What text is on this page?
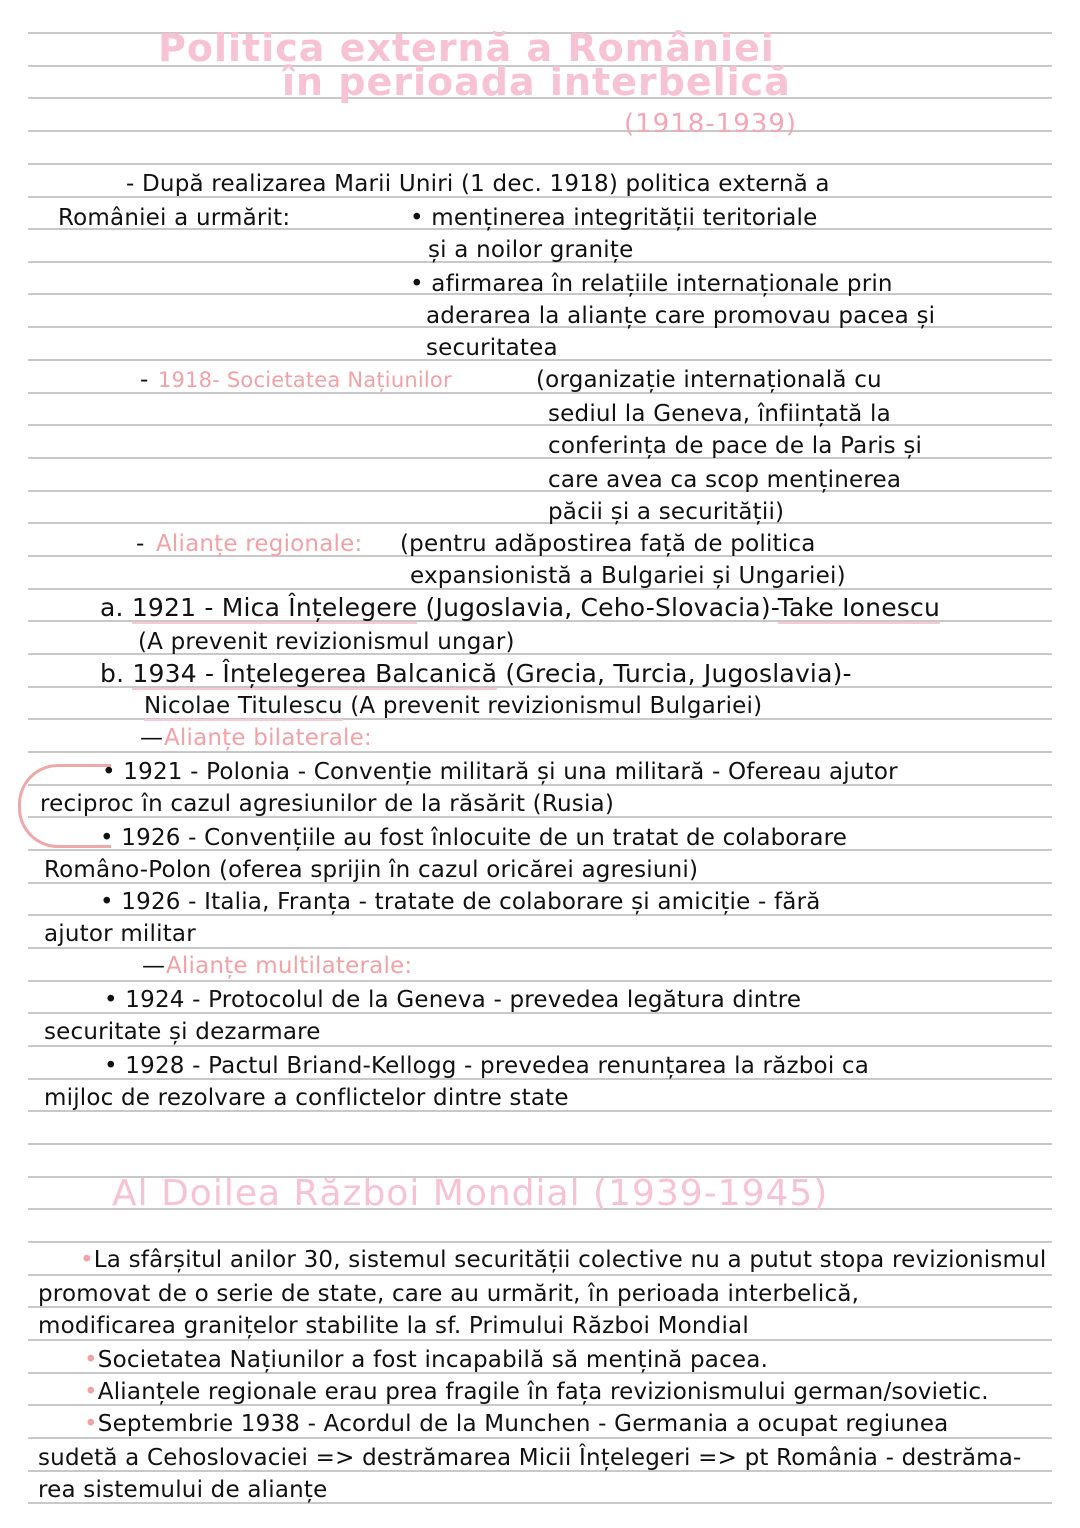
Politica externă a României
în perioada interbelică
(1918-1939)
- După realizarea Marii Uniri (1 dec. 1918) politica externă a
României a urmărit:	• menținerea integrității teritoriale
și a noilor granițe
• afirmarea în relațiile internaționale prin
aderarea la alianțe care promovau pacea și
securitatea
- 1918- Societatea Națiunilor	(organizație internațională cu
sediul la Geneva, înființată la
conferința de pace de la Paris și
care avea ca scop menținerea
păcii și a securității)
- Alianțe regionale: (pentru adăpostirea față de politica
expansionistă a Bulgariei și Ungariei)
a. 1921 - Mica Înțelegere (Jugoslavia, Ceho-Slovacia)-Take Ionescu
(A prevenit revizionismul ungar)
b. 1934 - Înțelegerea Balcanică (Grecia, Turcia, Jugoslavia)-
Nicolae Titulescu (A prevenit revizionismul Bulgariei)
— Alianțe bilaterale:
• 1921 - Polonia - Convenție militară și una militară - Ofereau ajutor
reciproc în cazul agresiunilor de la răsărit (Rusia)
• 1926 - Convențiile au fost înlocuite de un tratat de colaborare
Româno-Polon (oferea sprijin în cazul oricărei agresiuni)
• 1926 - Italia, Franța - tratate de colaborare și amiciție - fără
ajutor militar
— Alianțe multilaterale:
• 1924 - Protocolul de la Geneva - prevedea legătura dintre
securitate și dezarmare
• 1928 - Pactul Briand-Kellogg - prevedea renunțarea la război ca
mijloc de rezolvare a conflictelor dintre state
Al Doilea Război Mondial (1939-1945)
•La sfârșitul anilor 30, sistemul securității colective nu a putut stopa revizionismul
promovat de o serie de state, care au urmărit, în perioada interbelică,
modificarea granițelor stabilite la sf. Primului Război Mondial
•Societatea Națiunilor a fost incapabilă să mențină pacea.
•Alianțele regionale erau prea fragile în fața revizionismului german/sovietic.
•Septembrie 1938 - Acordul de la Munchen - Germania a ocupat regiunea
sudetă a Cehoslovaciei => destrămarea Micii Înțelegeri => pt România - destrăma-
rea sistemului de alianțe
